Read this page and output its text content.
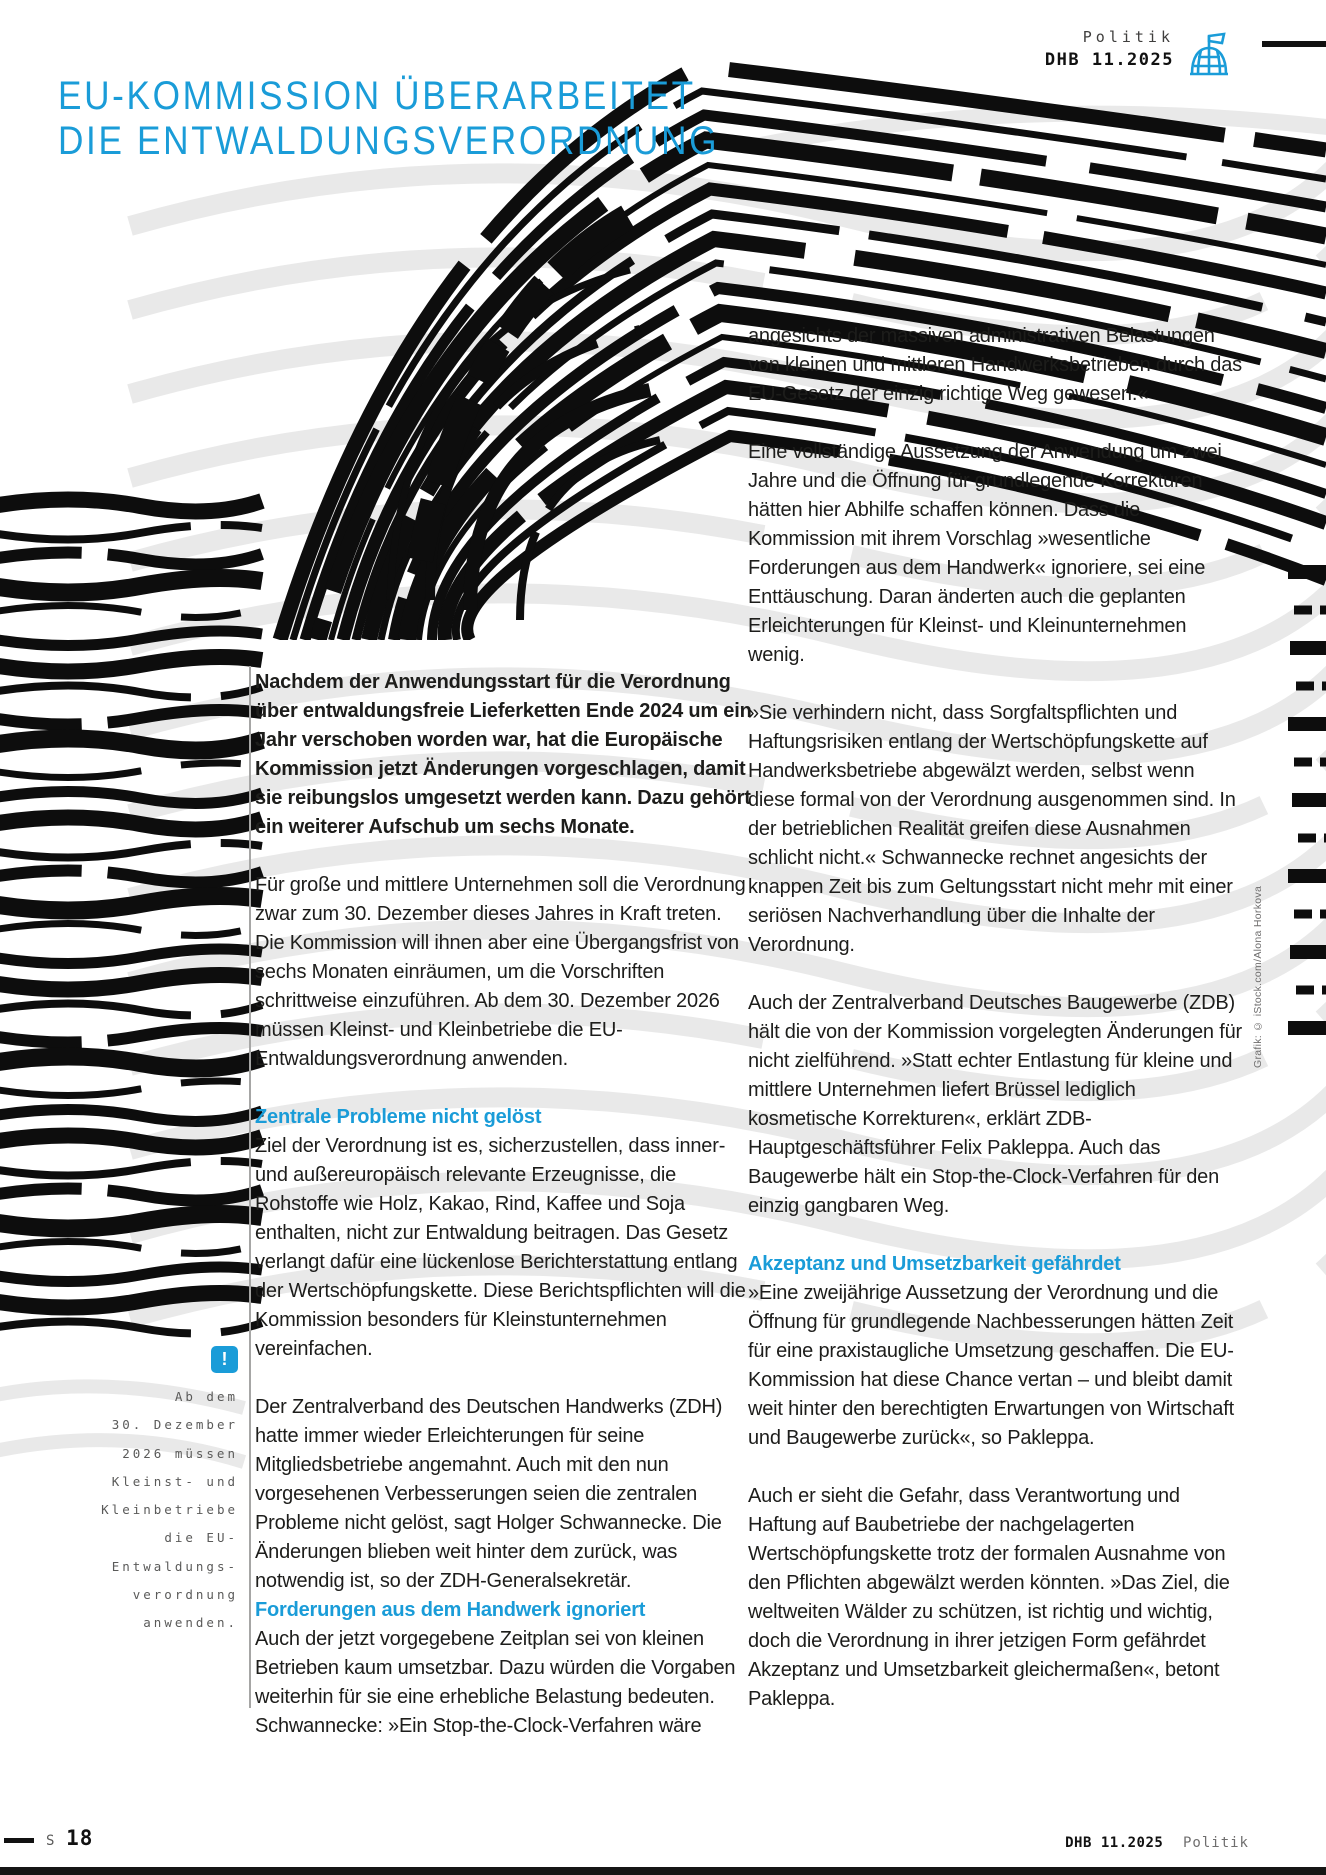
Politik
DHB 11.2025
EU-KOMMISSION ÜBERARBEITET
DIE ENTWALDUNGSVERORDNUNG

Nachdem der Anwendungsstart für die Verordnung über entwaldungsfreie Lieferketten Ende 2024 um ein Jahr verschoben worden war, hat die Europäische Kommission jetzt Änderungen vorgeschlagen, damit sie reibungslos umgesetzt werden kann. Dazu gehört ein weiterer Aufschub um sechs Monate.

Für große und mittlere Unternehmen soll die Verordnung zwar zum 30. Dezember dieses Jahres in Kraft treten. Die Kommission will ihnen aber eine Übergangsfrist von sechs Monaten einräumen, um die Vorschriften schrittweise einzuführen. Ab dem 30. Dezember 2026 müssen Kleinst- und Kleinbetriebe die EU-Entwaldungsverordnung anwenden.

Zentrale Probleme nicht gelöst

Ziel der Verordnung ist es, sicherzustellen, dass inner- und außereuropäisch relevante Erzeugnisse, die Rohstoffe wie Holz, Kakao, Rind, Kaffee und Soja enthalten, nicht zur Entwaldung beitragen. Das Gesetz verlangt dafür eine lückenlose Berichterstattung entlang der Wertschöpfungskette. Diese Berichtspflichten will die Kommission besonders für Kleinstunternehmen vereinfachen.

Der Zentralverband des Deutschen Handwerks (ZDH) hatte immer wieder Erleichterungen für seine Mitgliedsbetriebe angemahnt. Auch mit den nun vorgesehenen Verbesserungen seien die zentralen Probleme nicht gelöst, sagt Holger Schwannecke. Die Änderungen blieben weit hinter dem zurück, was notwendig ist, so der ZDH-Generalsekretär.

Forderungen aus dem Handwerk ignoriert

Auch der jetzt vorgegebene Zeitplan sei von kleinen Betrieben kaum umsetzbar. Dazu würden die Vorgaben weiterhin für sie eine erhebliche Belastung bedeuten. Schwannecke: »Ein Stop-the-Clock-Verfahren wäre

angesichts der massiven administrativen Belastungen von kleinen und mittleren Handwerksbetrieben durch das EU-Gesetz der einzig richtige Weg gewesen.«

Eine vollständige Aussetzung der Anwendung um zwei Jahre und die Öffnung für grundlegende Korrekturen hätten hier Abhilfe schaffen können. Dass die Kommission mit ihrem Vorschlag »wesentliche Forderungen aus dem Handwerk« ignoriere, sei eine Enttäuschung. Daran änderten auch die geplanten Erleichterungen für Kleinst- und Kleinunternehmen wenig.

»Sie verhindern nicht, dass Sorgfaltspflichten und Haftungsrisiken entlang der Wertschöpfungskette auf Handwerksbetriebe abgewälzt werden, selbst wenn diese formal von der Verordnung ausgenommen sind. In der betrieblichen Realität greifen diese Ausnahmen schlicht nicht.« Schwannecke rechnet angesichts der knappen Zeit bis zum Geltungsstart nicht mehr mit einer seriösen Nachverhandlung über die Inhalte der Verordnung.

Auch der Zentralverband Deutsches Baugewerbe (ZDB) hält die von der Kommission vorgelegten Änderungen für nicht zielführend. »Statt echter Entlastung für kleine und mittlere Unternehmen liefert Brüssel lediglich kosmetische Korrekturen«, erklärt ZDB-Hauptgeschäftsführer Felix Pakleppa. Auch das Baugewerbe hält ein Stop-the-Clock-Verfahren für den einzig gangbaren Weg.

Akzeptanz und Umsetzbarkeit gefährdet

»Eine zweijährige Aussetzung der Verordnung und die Öffnung für grundlegende Nachbesserungen hätten Zeit für eine praxistaugliche Umsetzung geschaffen. Die EU-Kommission hat diese Chance vertan – und bleibt damit weit hinter den berechtigten Erwartungen von Wirtschaft und Baugewerbe zurück«, so Pakleppa.

Auch er sieht die Gefahr, dass Verantwortung und Haftung auf Baubetriebe der nachgelagerten Wertschöpfungskette trotz der formalen Ausnahme von den Pflichten abgewälzt werden könnten. »Das Ziel, die weltweiten Wälder zu schützen, ist richtig und wichtig, doch die Verordnung in ihrer jetzigen Form gefährdet Akzeptanz und Umsetzbarkeit gleichermaßen«, betont Pakleppa.

!
Ab dem
30. Dezember
2026 müssen
Kleinst- und
Kleinbetriebe
die EU-
Entwaldungs-
verordnung
anwenden.
Grafik: © iStock.com/Alona Horkova
S 18	DHB 11.2025 Politik
